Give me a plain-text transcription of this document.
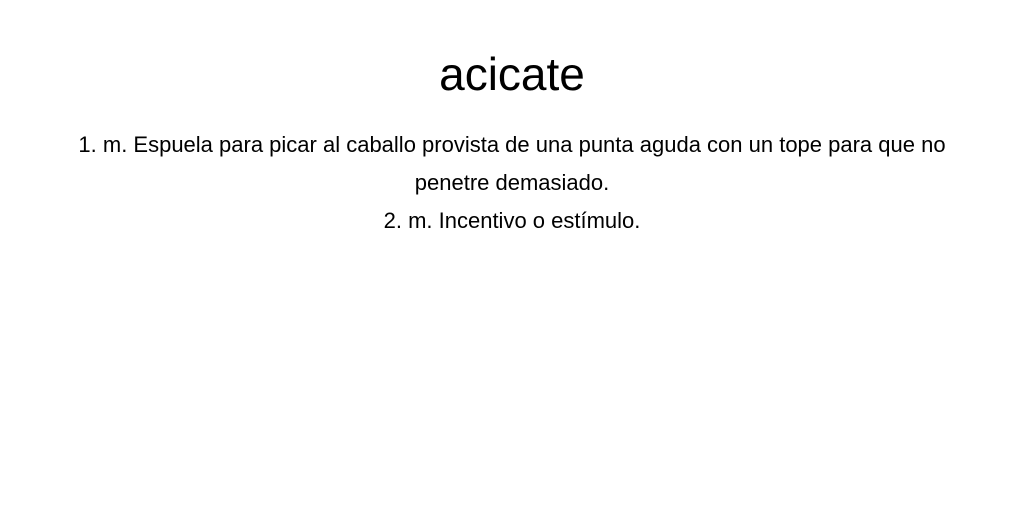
acicate
1. m. Espuela para picar al caballo provista de una punta aguda con un tope para que no penetre demasiado.
2. m. Incentivo o estímulo.
